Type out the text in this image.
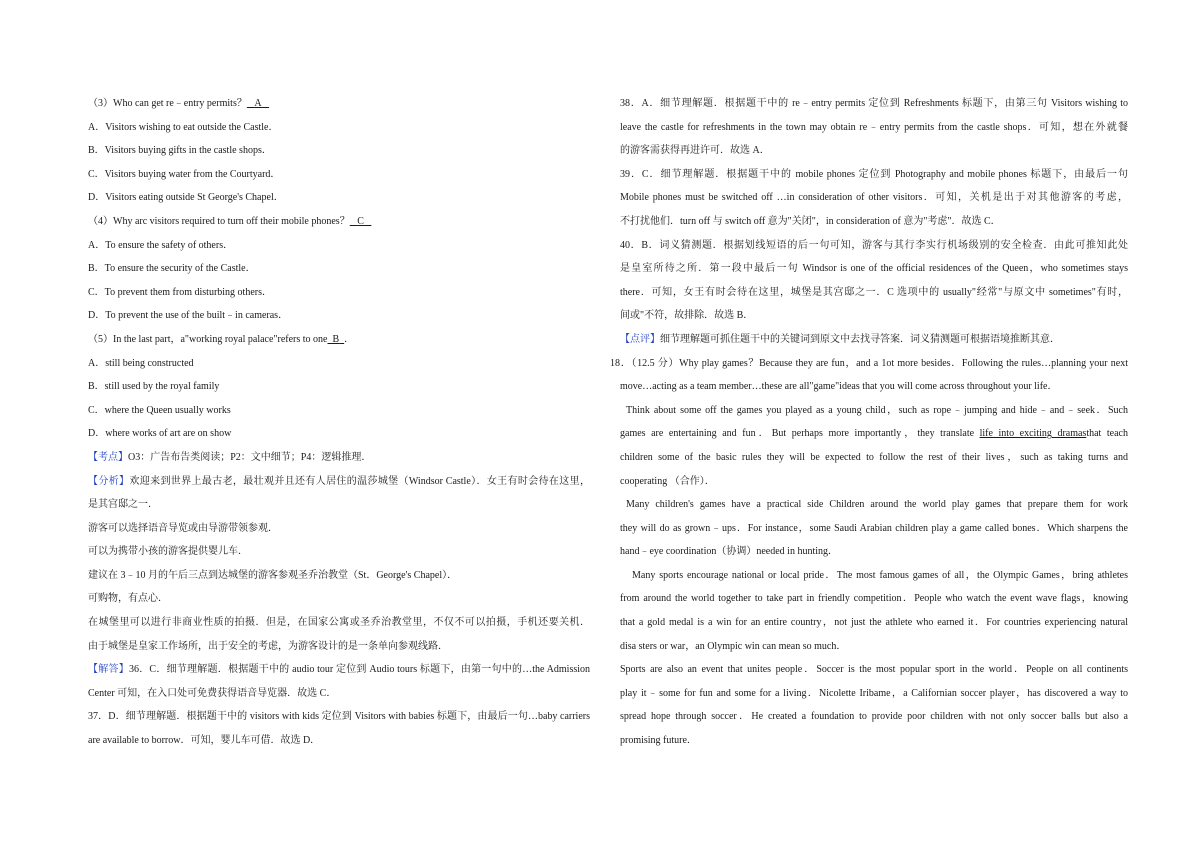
（3）Who can get re﹣entry permits？ A
A．Visitors wishing to eat outside the Castle．
B．Visitors buying gifts in the castle shops．
C．Visitors buying water from the Courtyard．
D．Visitors eating outside St George's Chapel．
（4）Why arc visitors required to turn off their mobile phones？ C
A．To ensure the safety of others．
B．To ensure the security of the Castle．
C．To prevent them from disturbing others．
D．To prevent the use of the built﹣in cameras．
（5）In the last part，a"working royal palace"refers to one B ．
A．still being constructed
B．still used by the royal family
C．where the Queen usually works
D．where works of art are on show
【考点】O3：广告布告类阅读；P2：文中细节；P4：逻辑推理．
【分析】欢迎来到世界上最古老，最壮观并且还有人居住的温莎城堡（Windsor Castle）．女王有时会待在这里，
是其宫邸之一．
游客可以选择语音导览或由导游带领参观．
可以为携带小孩的游客提供婴儿车．
建议在 3﹣10 月的午后三点到达城堡的游客参观圣乔治教堂（St．George's Chapel）．
可购物，有点心．
在城堡里可以进行非商业性质的拍摄．但是，在国家公寓或圣乔治教堂里，不仅不可以拍摄，手机还要关机．
由于城堡是皇家工作场所，出于安全的考虑，为游客设计的是一条单向参观线路．
【解答】36．C．细节理解题．根据题干中的 audio tour 定位到 Audio tours 标题下，由第一句中的…the Admission
Center 可知，在入口处可免费获得语音导览器．故选 C．
37．D．细节理解题．根据题干中的 visitors with kids 定位到 Visitors with babies 标题下，由最后一句…baby carriers
are available to borrow．可知，婴儿车可借．故选 D．
38．A．细节理解题．根据题干中的 re﹣entry permits 定位到 Refreshments 标题下，由第三句 Visitors wishing to
leave the castle for refreshments in the town may obtain re﹣entry permits from the castle shops．可知，想在外就餐
的游客需获得再进许可．故选 A．
39．C．细节理解题．根据题干中的 mobile phones 定位到 Photography and mobile phones 标题下，由最后一句
Mobile phones must be switched off …in consideration of other visitors．可知，关机是出于对其他游客的考虑，
不打扰他们．turn off 与 switch off 意为"关闭"，in consideration of 意为"考虑"．故选 C．
40．B．词义猜测题．根据划线短语的后一句可知，游客与其行李实行机场级别的安全检查．由此可推知此处
是皇室所待之所．第一段中最后一句 Windsor is one of the official residences of the Queen，who sometimes stays
there．可知，女王有时会待在这里，城堡是其宫邸之一．C 选项中的 usually"经常"与原文中 sometimes"有时，
间或"不符，故排除．故选 B．
【点评】细节理解题可抓住题干中的关键词到原文中去找寻答案．词义猜测题可根据语境推断其意．
18．（12.5 分）Why play games？Because they are fun，and a 1ot more besides．Following the rules…planning your next
move…acting as a team member…these are all"game"ideas that you will come across throughout your life．
Think about some off the games you played as a young child，such as rope﹣jumping and hide﹣and﹣seek．Such
games are entertaining and fun．But perhaps more importantly，they translate life into exciting dramasthat teach
children some of the basic rules they will be expected to follow the rest of their lives，such as taking turns and
cooperating （合作）．
Many children's games have a practical side Children around the world play games that prepare them for work
they will do as grown﹣ups．For instance，some Saudi Arabian children play a game called bones．Which sharpens the
hand﹣eye coordination（协调）needed in hunting．
Many sports encourage national or local pride．The most famous games of all，the Olympic Games，bring athletes
from around the world together to take part in friendly competition．People who watch the event wave flags，knowing
that a gold medal is a win for an entire country，not just the athlete who earned it．For countries experiencing natural
disa sters or war，an Olympic win can mean so much．
Sports are also an event that unites people．Soccer is the most popular sport in the world．People on all continents
play it﹣some for fun and some for a living．Nicolette Iribame，a Californian soccer player，has discovered a way to
spread hope through soccer．He created a foundation to provide poor children with not only soccer balls but also a
promising future．
